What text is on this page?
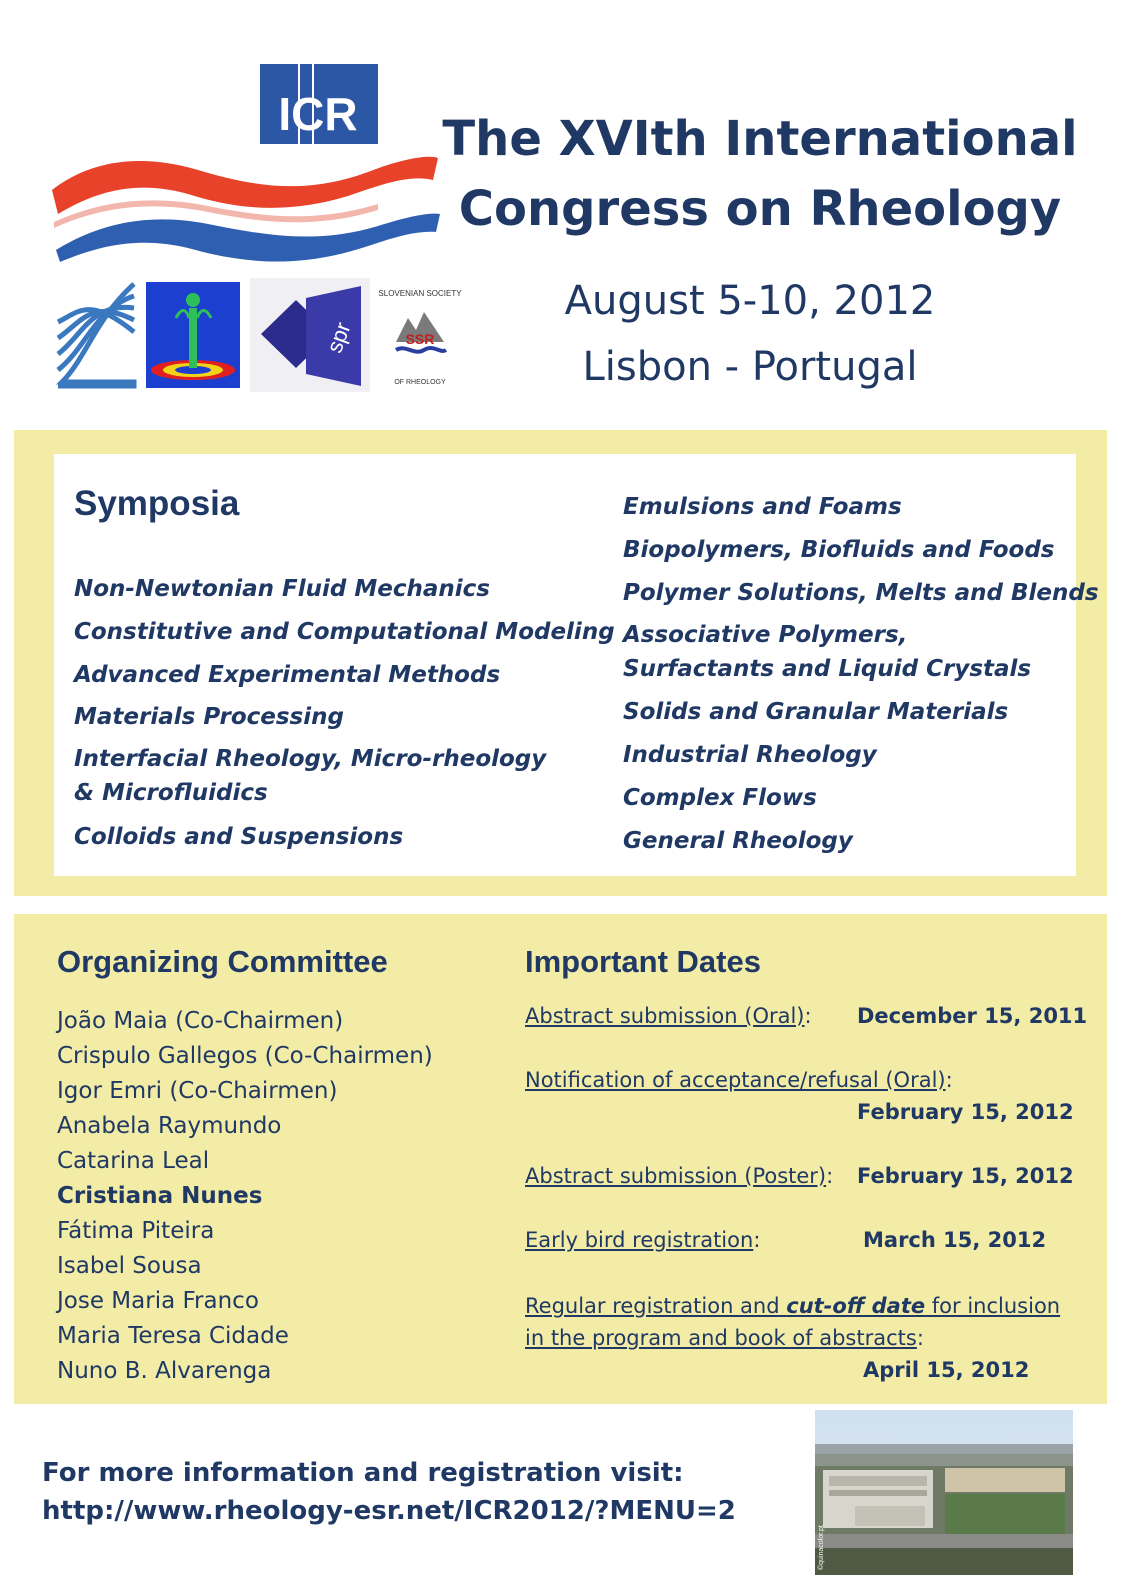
ICR The XVIth International
Congress on Rheology
August 5-10, 2012
Lisbon - Portugal
spr	SSR
SLOVENIAN SOCIETY
OF RHEOLOGY
Symposia
Non-Newtonian Fluid Mechanics
Constitutive and Computational Modeling
Advanced Experimental Methods
Materials Processing
Interfacial Rheology, Micro-rheology & Microfluidics
Colloids and Suspensions
Emulsions and Foams
Biopolymers, Biofluids and Foods
Polymer Solutions, Melts and Blends
Associative Polymers, Surfactants and Liquid Crystals
Solids and Granular Materials
Industrial Rheology
Complex Flows
General Rheology
Organizing Committee
João Maia (Co-Chairmen)
Crispulo Gallegos (Co-Chairmen)
Igor Emri (Co-Chairmen)
Anabela Raymundo
Catarina Leal
Cristiana Nunes
Fátima Piteira
Isabel Sousa
Jose Maria Franco
Maria Teresa Cidade
Nuno B. Alvarenga
Important Dates
Abstract submission (Oral): December 15, 2011
Notification of acceptance/refusal (Oral):
February 15, 2012
Abstract submission (Poster): February 15, 2012
Early bird registration:	March 15, 2012
Regular registration and cut-off date for inclusion in the program and book of abstracts:
April 15, 2012
For more information and registration visit:
http://www.rheology-esr.net/ICR2012/?MENU=2
©quinacolor.pt
